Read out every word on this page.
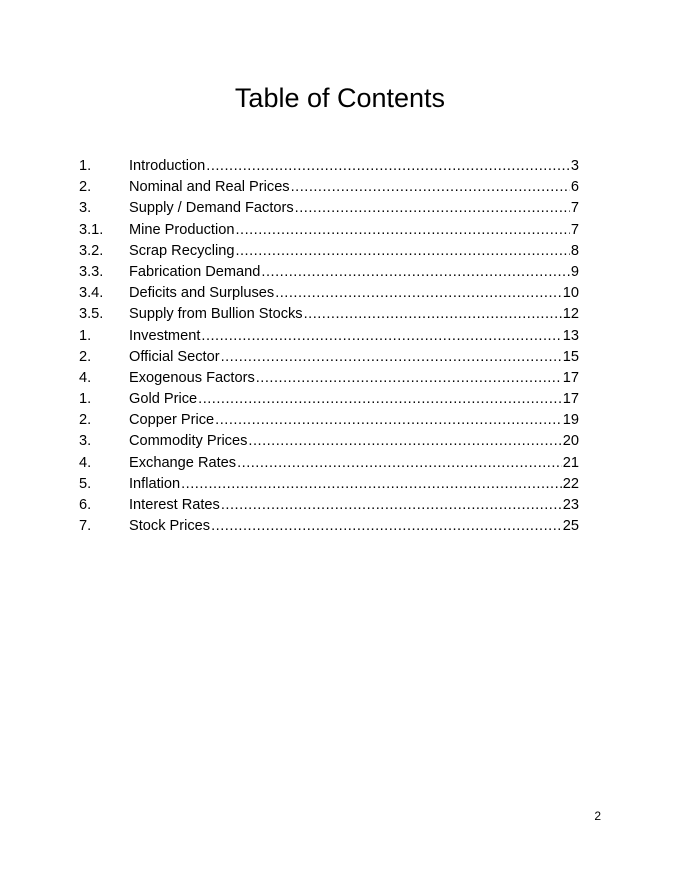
Table of Contents
1.	Introduction .....	3
2.	Nominal and Real Prices .....	6
3.	Supply / Demand Factors .....	7
3.1.	Mine Production .....	7
3.2.	Scrap Recycling .....	8
3.3.	Fabrication Demand .....	9
3.4.	Deficits and Surpluses .....	10
3.5.	Supply from Bullion Stocks .....	12
1.	Investment .....	13
2.	Official Sector .....	15
4.	Exogenous Factors .....	17
1.	Gold Price .....	17
2.	Copper Price .....	19
3.	Commodity Prices .....	20
4.	Exchange Rates .....	21
5.	Inflation .....	22
6.	Interest Rates .....	23
7.	Stock Prices .....	25
2
